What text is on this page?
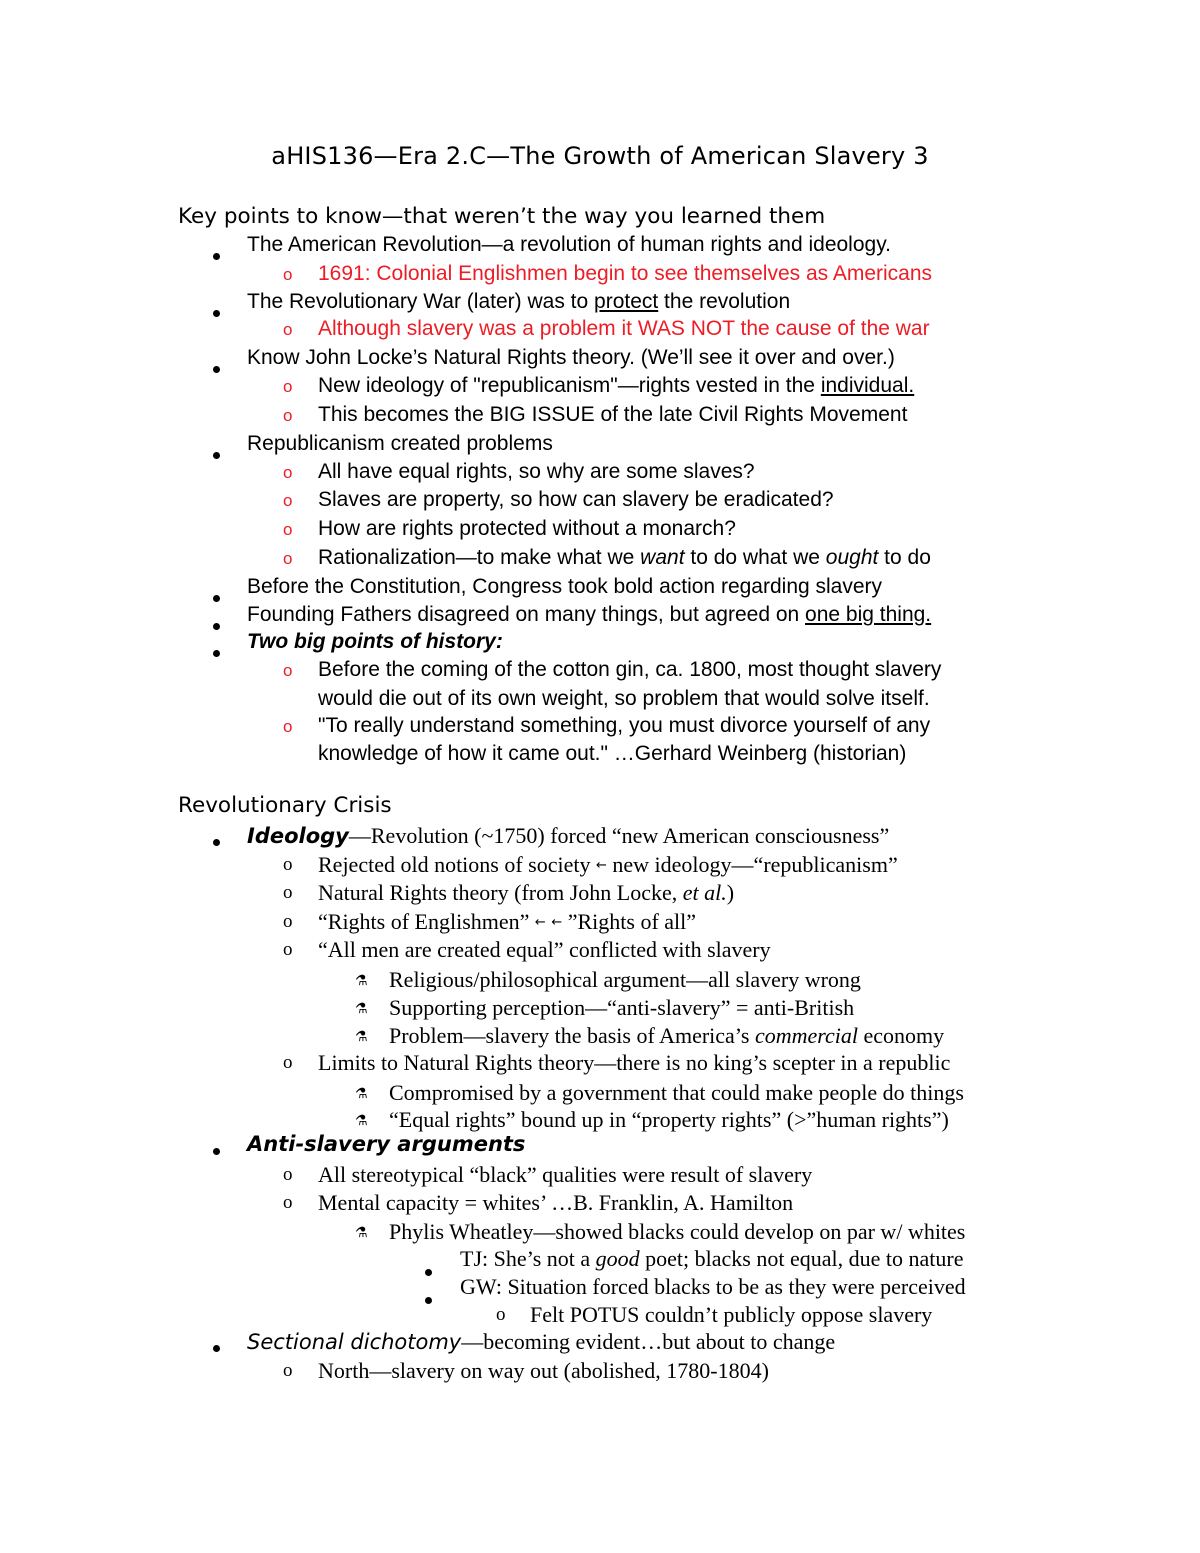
aHIS136—Era 2.C—The Growth of American Slavery 3
Key points to know—that weren’t the way you learned them
The American Revolution—a revolution of human rights and ideology.
o 1691: Colonial Englishmen begin to see themselves as Americans
The Revolutionary War (later) was to protect the revolution
o Although slavery was a problem it WAS NOT the cause of the war
Know John Locke’s Natural Rights theory. (We’ll see it over and over.)
o New ideology of "republicanism"—rights vested in the individual.
o This becomes the BIG ISSUE of the late Civil Rights Movement
Republicanism created problems
o All have equal rights, so why are some slaves?
o Slaves are property, so how can slavery be eradicated?
o How are rights protected without a monarch?
o Rationalization—to make what we want to do what we ought to do
Before the Constitution, Congress took bold action regarding slavery
Founding Fathers disagreed on many things, but agreed on one big thing.
Two big points of history:
o Before the coming of the cotton gin, ca. 1800, most thought slavery
would die out of its own weight, so problem that would solve itself.
o "To really understand something, you must divorce yourself of any
knowledge of how it came out." …Gerhard Weinberg (historian)
Revolutionary Crisis
Ideology—Revolution (~1750) forced “new American consciousness”
o Rejected old notions of society ← new ideology—“republicanism”
o Natural Rights theory (from John Locke, et al.)
o “Rights of Englishmen” ← ← ”Rights of all”
o “All men are created equal” conflicted with slavery
⚗ Religious/philosophical argument—all slavery wrong
⚗ Supporting perception—“anti-slavery” = anti-British
⚗ Problem—slavery the basis of America’s commercial economy
o Limits to Natural Rights theory—there is no king’s scepter in a republic
⚗ Compromised by a government that could make people do things
⚗ “Equal rights” bound up in “property rights” (>”human rights”)
Anti-slavery arguments
o All stereotypical “black” qualities were result of slavery
o Mental capacity = whites’ …B. Franklin, A. Hamilton
⚗ Phylis Wheatley—showed blacks could develop on par w/ whites
TJ: She’s not a good poet; blacks not equal, due to nature
GW: Situation forced blacks to be as they were perceived
o Felt POTUS couldn’t publicly oppose slavery
Sectional dichotomy—becoming evident…but about to change
o North—slavery on way out (abolished, 1780-1804)
